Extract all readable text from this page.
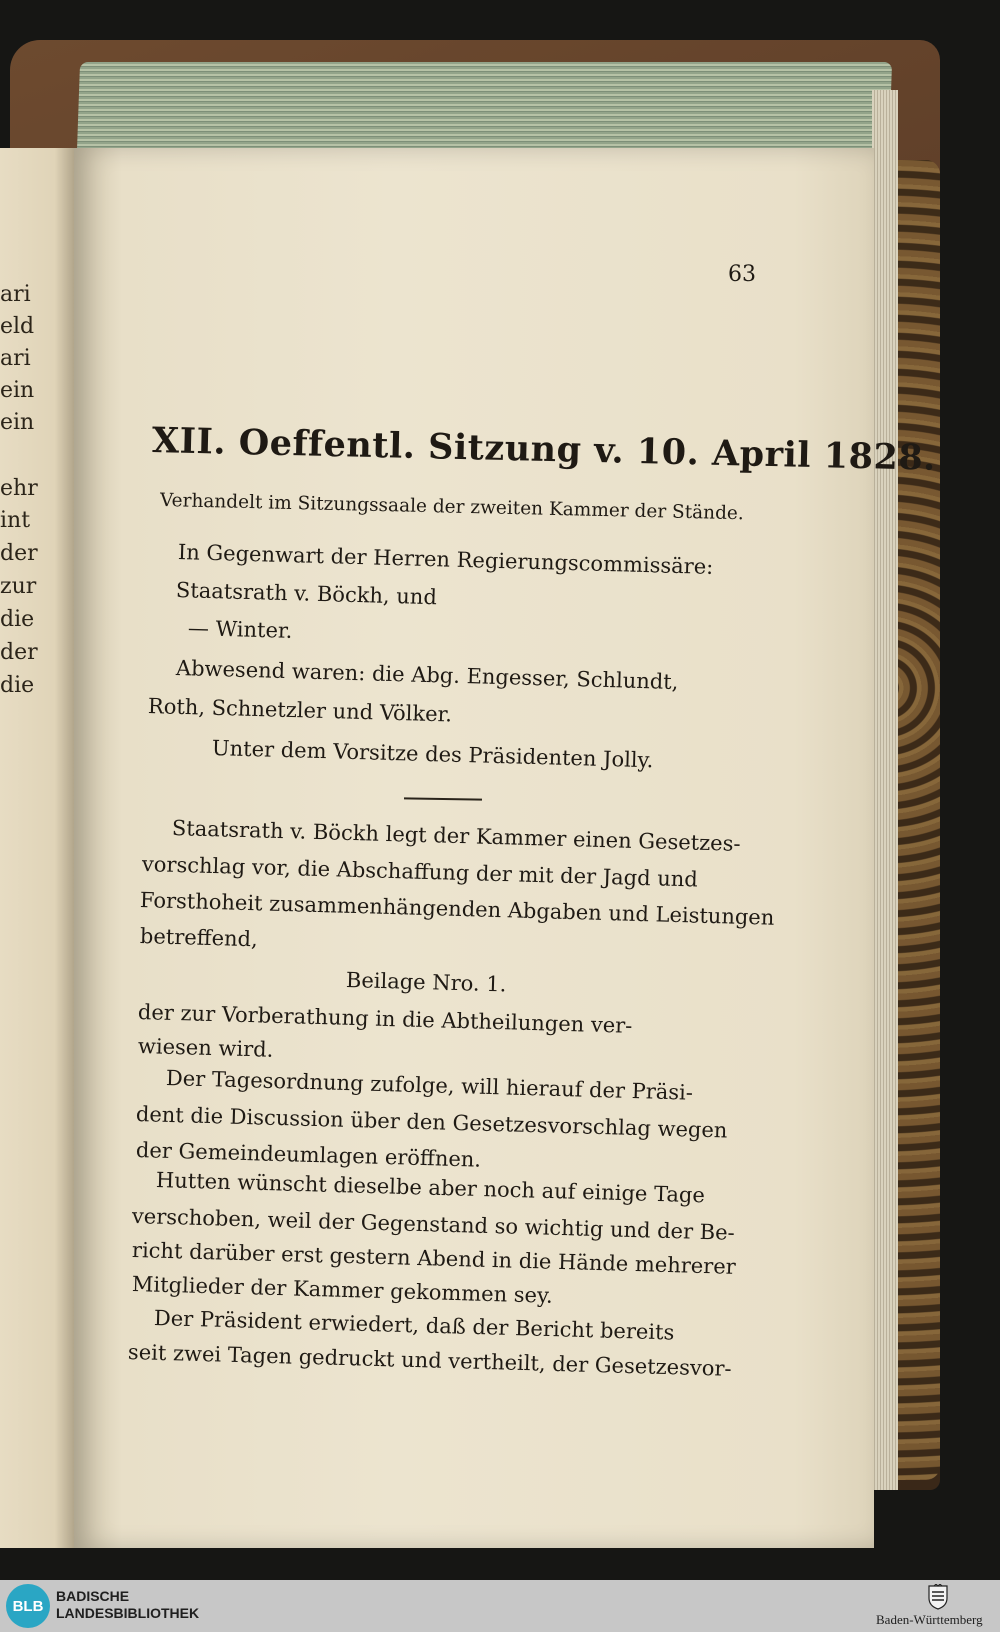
ari
eld
ari
ein
ein
ehr
int
der
zur
die
der
die
63
XII. Oeffentl. Sitzung v. 10. April 1828.
Verhandelt im Sitzungssaale der zweiten Kammer der Stände.
In Gegenwart der Herren Regierungscommissäre:
Staatsrath v. Böckh, und
— Winter.
Abwesend waren: die Abg. Engesser, Schlundt,
Roth, Schnetzler und Völker.
Unter dem Vorsitze des Präsidenten Jolly.
Staatsrath v. Böckh legt der Kammer einen Gesetzes-
vorschlag vor, die Abschaffung der mit der Jagd und
Forsthoheit zusammenhängenden Abgaben und Leistungen
betreffend,
Beilage Nro. 1.
der zur Vorberathung in die Abtheilungen ver-
wiesen wird.
Der Tagesordnung zufolge, will hierauf der Präsi-
dent die Discussion über den Gesetzesvorschlag wegen
der Gemeindeumlagen eröffnen.
Hutten wünscht dieselbe aber noch auf einige Tage
verschoben, weil der Gegenstand so wichtig und der Be-
richt darüber erst gestern Abend in die Hände mehrerer
Mitglieder der Kammer gekommen sey.
Der Präsident erwiedert, daß der Bericht bereits
seit zwei Tagen gedruckt und vertheilt, der Gesetzesvor-
BLB
BADISCHE
LANDESBIBLIOTHEK	Baden-Württemberg
